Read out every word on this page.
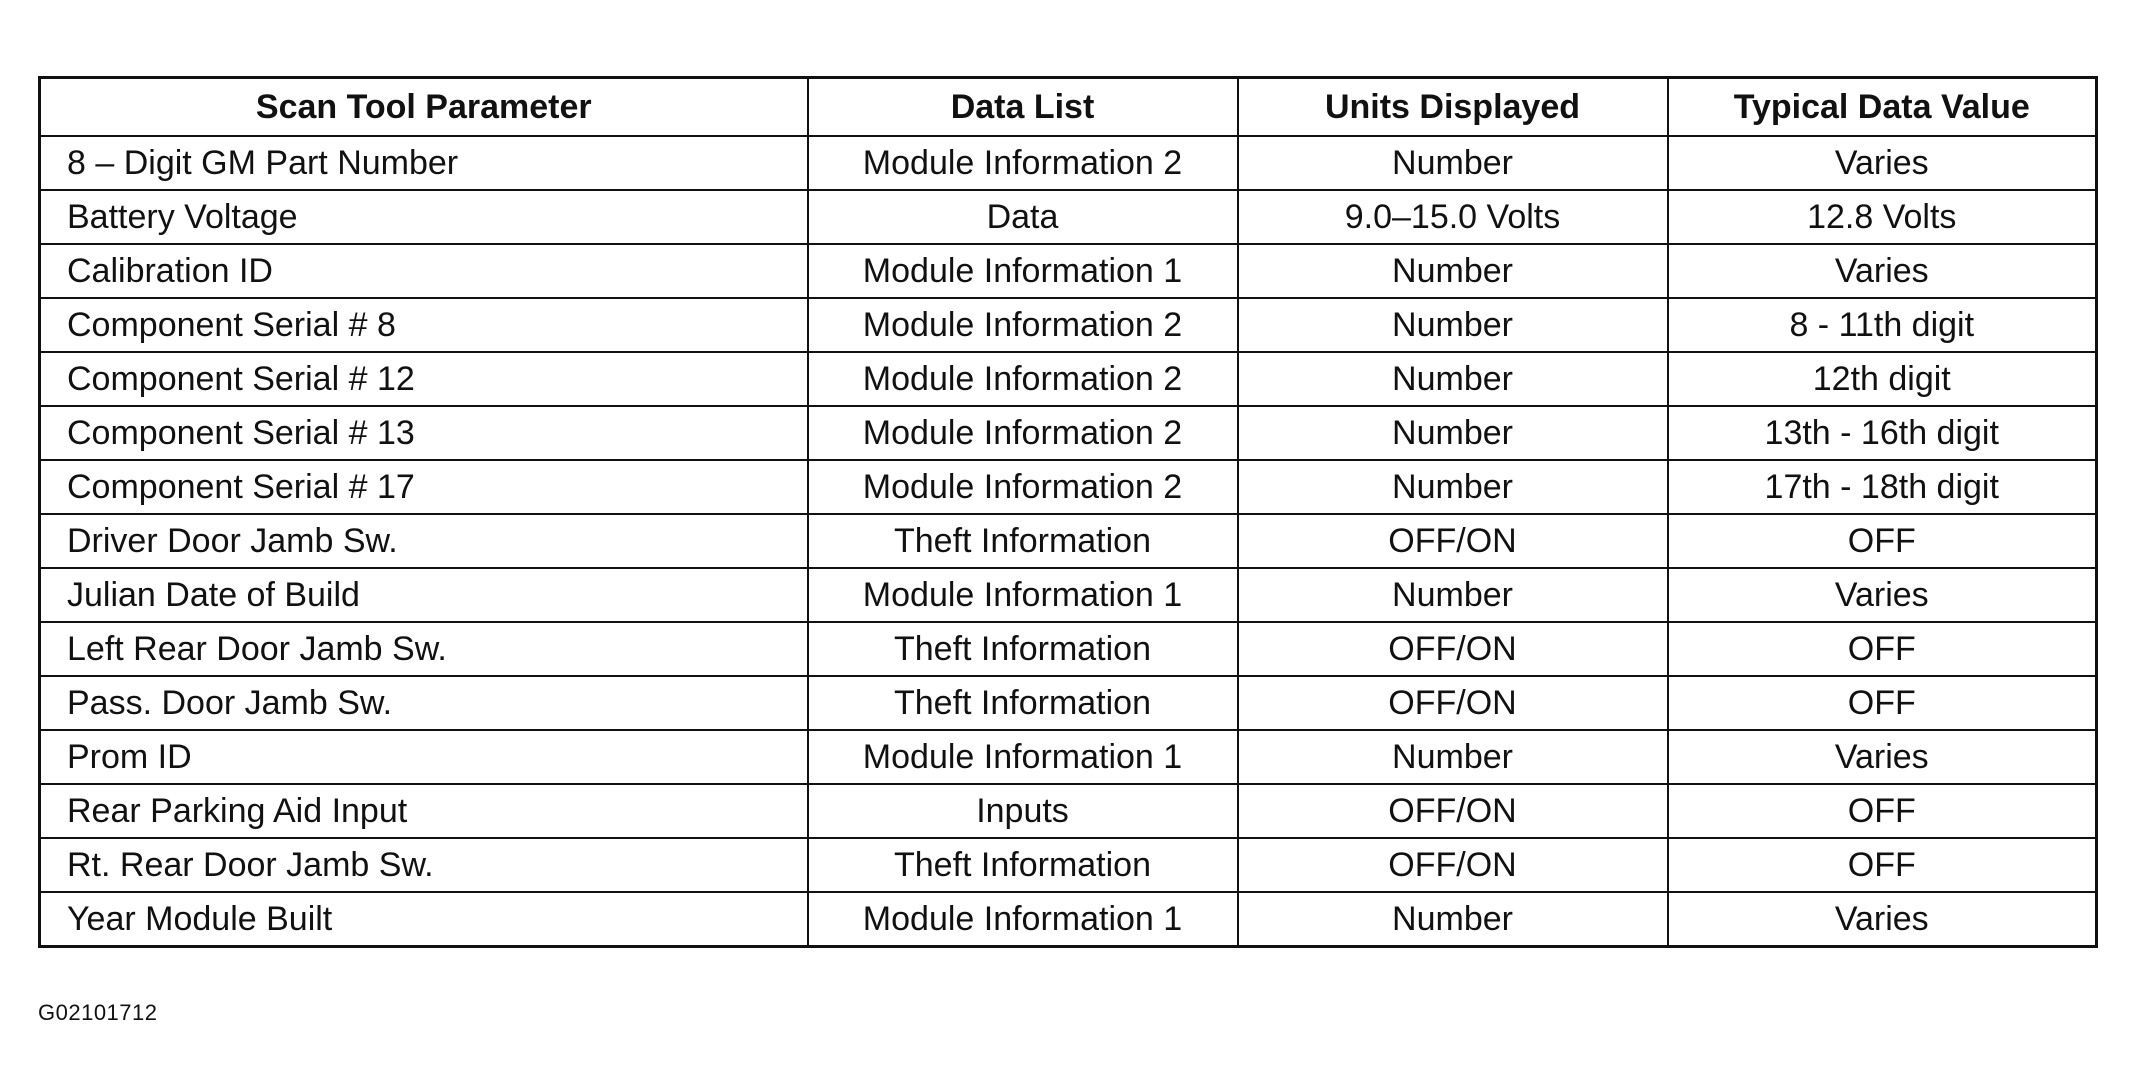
Scan Tool Parameter	Data List	Units Displayed	Typical Data Value
8 – Digit GM Part Number	Module Information 2	Number	Varies
Battery Voltage	Data	9.0–15.0 Volts	12.8 Volts
Calibration ID	Module Information 1	Number	Varies
Component Serial # 8	Module Information 2	Number	8 - 11th digit
Component Serial # 12	Module Information 2	Number	12th digit
Component Serial # 13	Module Information 2	Number	13th - 16th digit
Component Serial # 17	Module Information 2	Number	17th - 18th digit
Driver Door Jamb Sw.	Theft Information	OFF/ON	OFF
Julian Date of Build	Module Information 1	Number	Varies
Left Rear Door Jamb Sw.	Theft Information	OFF/ON	OFF
Pass. Door Jamb Sw.	Theft Information	OFF/ON	OFF
Prom ID	Module Information 1	Number	Varies
Rear Parking Aid Input	Inputs	OFF/ON	OFF
Rt. Rear Door Jamb Sw.	Theft Information	OFF/ON	OFF
Year Module Built	Module Information 1	Number	Varies
G02101712
